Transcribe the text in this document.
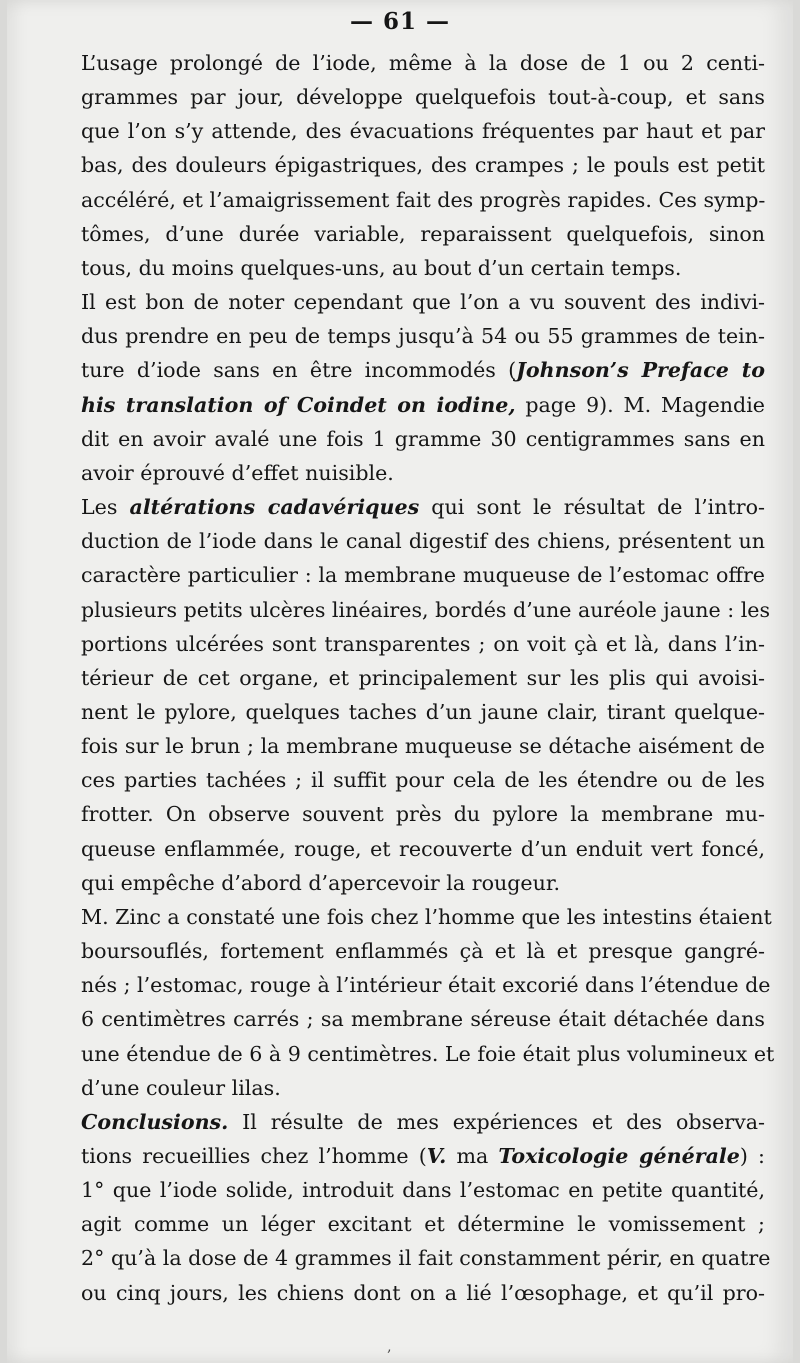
— 61 —
L’usage prolongé de l’iode, même à la dose de 1 ou 2 centi-
grammes par jour, développe quelquefois tout-à-coup, et sans
que l’on s’y attende, des évacuations fréquentes par haut et par
bas, des douleurs épigastriques, des crampes ; le pouls est petit
accéléré, et l’amaigrissement fait des progrès rapides. Ces symp-
tômes, d’une durée variable, reparaissent quelquefois, sinon
tous, du moins quelques-uns, au bout d’un certain temps.
Il est bon de noter cependant que l’on a vu souvent des indivi-
dus prendre en peu de temps jusqu’à 54 ou 55 grammes de tein-
ture d’iode sans en être incommodés (Johnson’s Preface to
his translation of Coindet on iodine, page 9). M. Magendie
dit en avoir avalé une fois 1 gramme 30 centigrammes sans en
avoir éprouvé d’effet nuisible.
Les altérations cadavériques qui sont le résultat de l’intro-
duction de l’iode dans le canal digestif des chiens, présentent un
caractère particulier : la membrane muqueuse de l’estomac offre
plusieurs petits ulcères linéaires, bordés d’une auréole jaune : les
portions ulcérées sont transparentes ; on voit çà et là, dans l’in-
térieur de cet organe, et principalement sur les plis qui avoisi-
nent le pylore, quelques taches d’un jaune clair, tirant quelque-
fois sur le brun ; la membrane muqueuse se détache aisément de
ces parties tachées ; il suffit pour cela de les étendre ou de les
frotter. On observe souvent près du pylore la membrane mu-
queuse enflammée, rouge, et recouverte d’un enduit vert foncé,
qui empêche d’abord d’apercevoir la rougeur.
M. Zinc a constaté une fois chez l’homme que les intestins étaient
boursouflés, fortement enflammés çà et là et presque gangré-
nés ; l’estomac, rouge à l’intérieur était excorié dans l’étendue de
6 centimètres carrés ; sa membrane séreuse était détachée dans
une étendue de 6 à 9 centimètres. Le foie était plus volumineux et
d’une couleur lilas.
Conclusions. Il résulte de mes expériences et des observa-
tions recueillies chez l’homme (V. ma Toxicologie générale) :
1° que l’iode solide, introduit dans l’estomac en petite quantité,
agit comme un léger excitant et détermine le vomissement ;
2° qu’à la dose de 4 grammes il fait constamment périr, en quatre
ou cinq jours, les chiens dont on a lié l’œsophage, et qu’il pro-
‚
